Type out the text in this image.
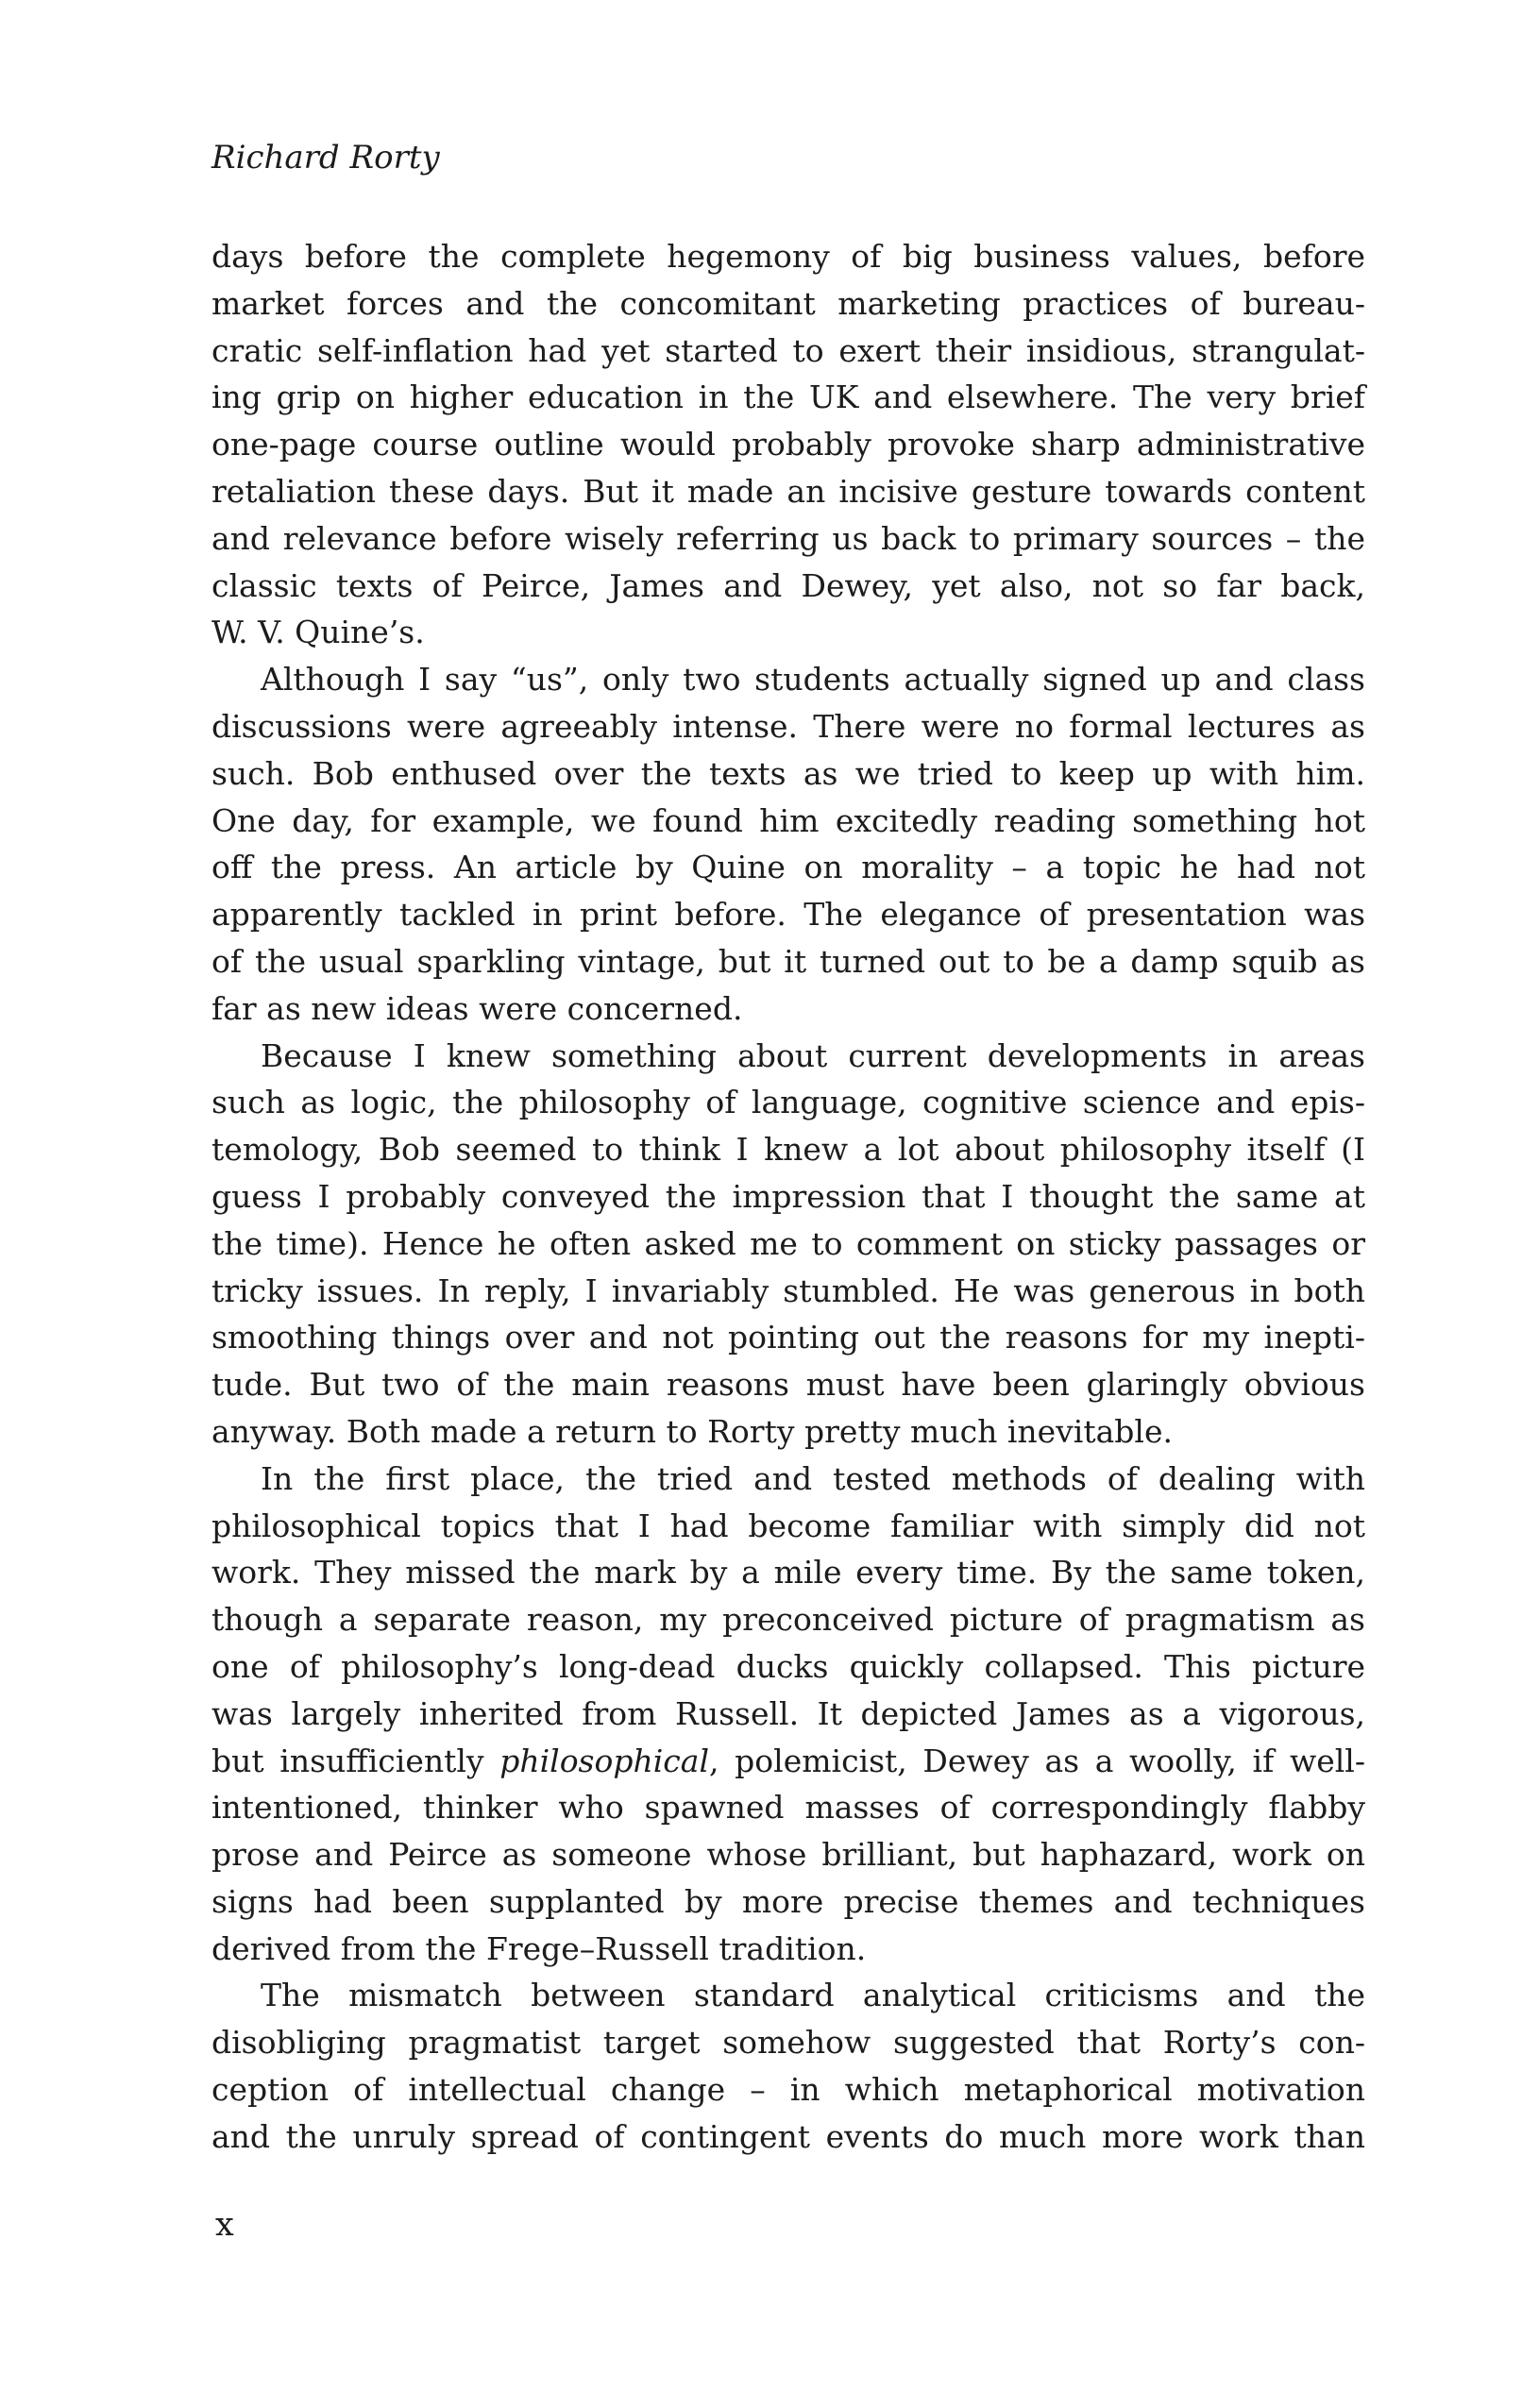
Richard Rorty
days before the complete hegemony of big business values, before
market forces and the concomitant marketing practices of bureau-
cratic self-inflation had yet started to exert their insidious, strangulat-
ing grip on higher education in the UK and elsewhere. The very brief
one-page course outline would probably provoke sharp administrative
retaliation these days. But it made an incisive gesture towards content
and relevance before wisely referring us back to primary sources – the
classic texts of Peirce, James and Dewey, yet also, not so far back,
W. V. Quine’s.
Although I say “us”, only two students actually signed up and class
discussions were agreeably intense. There were no formal lectures as
such. Bob enthused over the texts as we tried to keep up with him.
One day, for example, we found him excitedly reading something hot
off the press. An article by Quine on morality – a topic he had not
apparently tackled in print before. The elegance of presentation was
of the usual sparkling vintage, but it turned out to be a damp squib as
far as new ideas were concerned.
Because I knew something about current developments in areas
such as logic, the philosophy of language, cognitive science and epis-
temology, Bob seemed to think I knew a lot about philosophy itself (I
guess I probably conveyed the impression that I thought the same at
the time). Hence he often asked me to comment on sticky passages or
tricky issues. In reply, I invariably stumbled. He was generous in both
smoothing things over and not pointing out the reasons for my inepti-
tude. But two of the main reasons must have been glaringly obvious
anyway. Both made a return to Rorty pretty much inevitable.
In the first place, the tried and tested methods of dealing with
philosophical topics that I had become familiar with simply did not
work. They missed the mark by a mile every time. By the same token,
though a separate reason, my preconceived picture of pragmatism as
one of philosophy’s long-dead ducks quickly collapsed. This picture
was largely inherited from Russell. It depicted James as a vigorous,
but insufficiently philosophical, polemicist, Dewey as a woolly, if well-
intentioned, thinker who spawned masses of correspondingly flabby
prose and Peirce as someone whose brilliant, but haphazard, work on
signs had been supplanted by more precise themes and techniques
derived from the Frege–Russell tradition.
The mismatch between standard analytical criticisms and the
disobliging pragmatist target somehow suggested that Rorty’s con-
ception of intellectual change – in which metaphorical motivation
and the unruly spread of contingent events do much more work than
x
